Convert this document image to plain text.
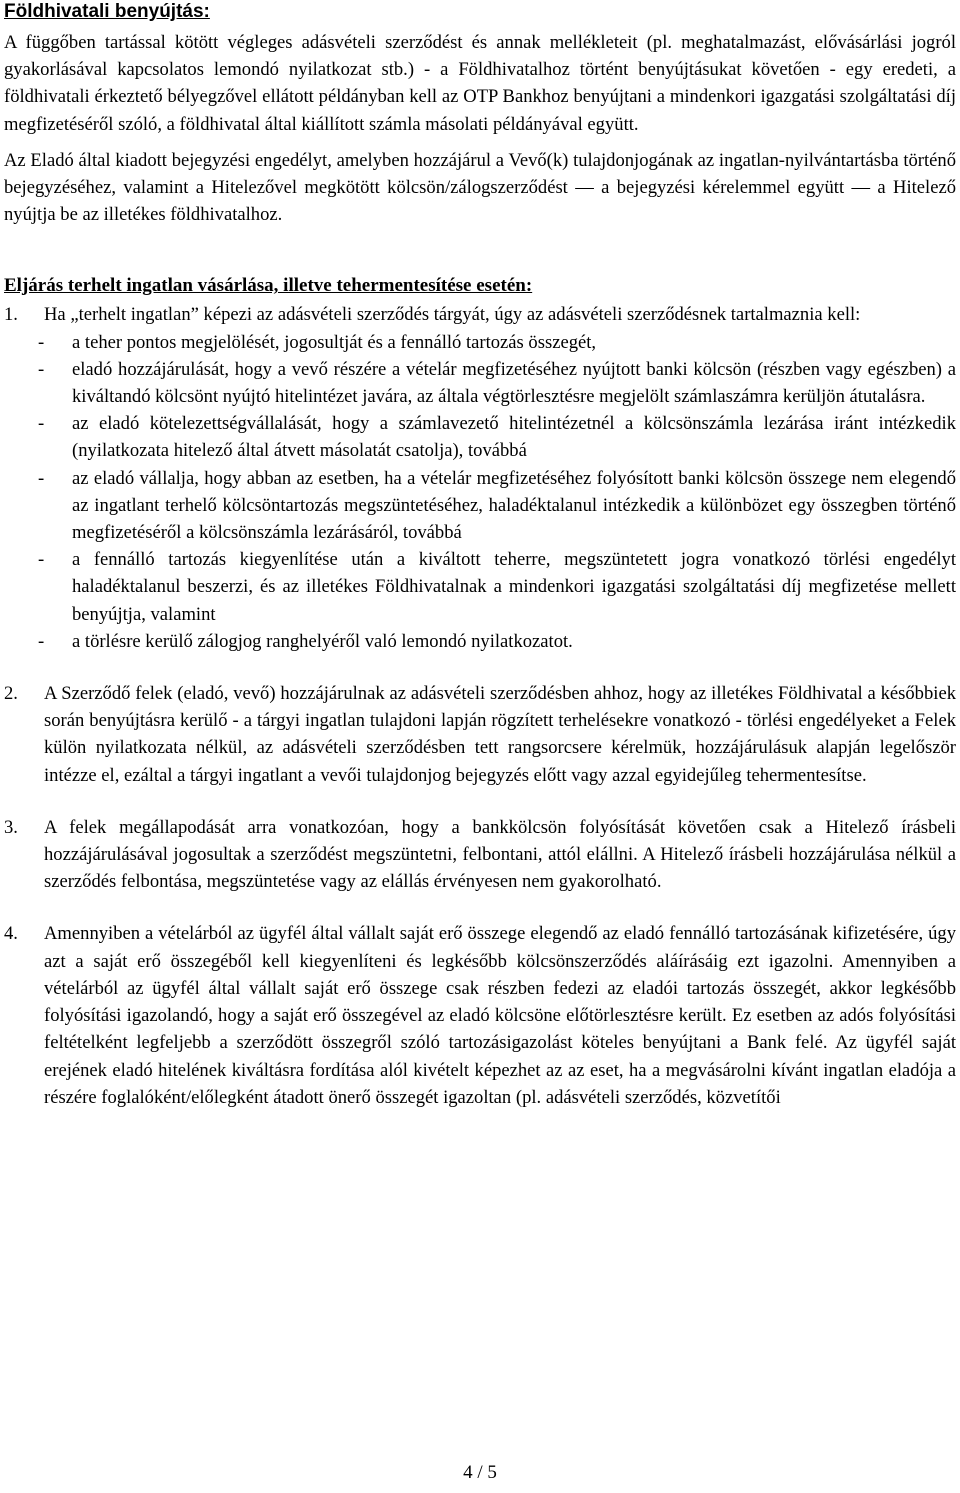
Földhivatali benyújtás:

A függőben tartással kötött végleges adásvételi szerződést és annak mellékleteit (pl. meghatalmazást, elővásárlási jogról gyakorlásával kapcsolatos lemondó nyilatkozat stb.) - a Földhivatalhoz történt benyújtásukat követően - egy eredeti, a földhivatali érkeztető bélyegzővel ellátott példányban kell az OTP Bankhoz benyújtani a mindenkori igazgatási szolgáltatási díj megfizetéséről szóló, a földhivatal által kiállított számla másolati példányával együtt.

Az Eladó által kiadott bejegyzési engedélyt, amelyben hozzájárul a Vevő(k) tulajdonjogának az ingatlan-nyilvántartásba történő bejegyzéséhez, valamint a Hitelezővel megkötött kölcsön/zálogszerződést ― a bejegyzési kérelemmel együtt ― a Hitelező nyújtja be az illetékes földhivatalhoz.

Eljárás terhelt ingatlan vásárlása, illetve tehermentesítése esetén:

1. Ha „terhelt ingatlan” képezi az adásvételi szerződés tárgyát, úgy az adásvételi szerződésnek tartalmaznia kell:

- a teher pontos megjelölését, jogosultját és a fennálló tartozás összegét,
- eladó hozzájárulását, hogy a vevő részére a vételár megfizetéséhez nyújtott banki kölcsön (részben vagy egészben) a kiváltandó kölcsönt nyújtó hitelintézet javára, az általa végtörlesztésre megjelölt számlaszámra kerüljön átutalásra.
- az eladó kötelezettségvállalását, hogy a számlavezető hitelintézetnél a kölcsönszámla lezárása iránt intézkedik (nyilatkozata hitelező által átvett másolatát csatolja), továbbá
- az eladó vállalja, hogy abban az esetben, ha a vételár megfizetéséhez folyósított banki kölcsön összege nem elegendő az ingatlant terhelő kölcsöntartozás megszüntetéséhez, haladéktalanul intézkedik a különbözet egy összegben történő megfizetéséről a kölcsönszámla lezárásáról, továbbá
- a fennálló tartozás kiegyenlítése után a kiváltott teherre, megszüntetett jogra vonatkozó törlési engedélyt haladéktalanul beszerzi, és az illetékes Földhivatalnak a mindenkori igazgatási szolgáltatási díj megfizetése mellett benyújtja, valamint
- a törlésre kerülő zálogjog ranghelyéről való lemondó nyilatkozatot.
2. A Szerződő felek (eladó, vevő) hozzájárulnak az adásvételi szerződésben ahhoz, hogy az illetékes Földhivatal a későbbiek során benyújtásra kerülő - a tárgyi ingatlan tulajdoni lapján rögzített terhelésekre vonatkozó - törlési engedélyeket a Felek külön nyilatkozata nélkül, az adásvételi szerződésben tett rangsorcsere kérelmük, hozzájárulásuk alapján legelőször intézze el, ezáltal a tárgyi ingatlant a vevői tulajdonjog bejegyzés előtt vagy azzal egyidejűleg tehermentesítse.

3. A felek megállapodását arra vonatkozóan, hogy a bankkölcsön folyósítását követően csak a Hitelező írásbeli hozzájárulásával jogosultak a szerződést megszüntetni, felbontani, attól elállni. A Hitelező írásbeli hozzájárulása nélkül a szerződés felbontása, megszüntetése vagy az elállás érvényesen nem gyakorolható.

4. Amennyiben a vételárból az ügyfél által vállalt saját erő összege elegendő az eladó fennálló tartozásának kifizetésére, úgy azt a saját erő összegéből kell kiegyenlíteni és legkésőbb kölcsönszerződés aláírásáig ezt igazolni. Amennyiben a vételárból az ügyfél által vállalt saját erő összege csak részben fedezi az eladói tartozás összegét, akkor legkésőbb folyósítási igazolandó, hogy a saját erő összegével az eladó kölcsöne előtörlesztésre került. Ez esetben az adós folyósítási feltételként legfeljebb a szerződött összegről szóló tartozásigazolást köteles benyújtani a Bank felé. Az ügyfél saját erejének eladó hitelének kiváltásra fordítása alól kivételt képezhet az az eset, ha a megvásárolni kívánt ingatlan eladója a részére foglalóként/előlegként átadott önerő összegét igazoltan (pl. adásvételi szerződés, közvetítői

4 / 5
